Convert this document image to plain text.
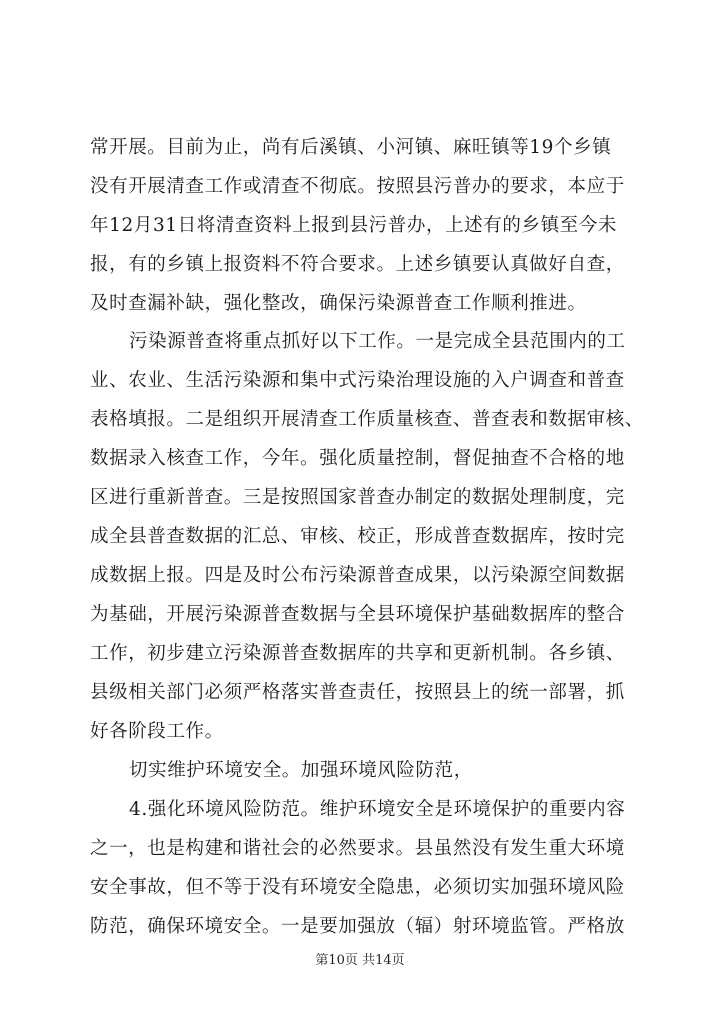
常开展。目前为止，尚有后溪镇、小河镇、麻旺镇等19个乡镇
没有开展清查工作或清查不彻底。按照县污普办的要求，本应于
年12月31日将清查资料上报到县污普办，上述有的乡镇至今未
报，有的乡镇上报资料不符合要求。上述乡镇要认真做好自查，
及时查漏补缺，强化整改，确保污染源普查工作顺利推进。
污染源普查将重点抓好以下工作。一是完成全县范围内的工
业、农业、生活污染源和集中式污染治理设施的入户调查和普查
表格填报。二是组织开展清查工作质量核查、普查表和数据审核、
数据录入核查工作，今年。强化质量控制，督促抽查不合格的地
区进行重新普查。三是按照国家普查办制定的数据处理制度，完
成全县普查数据的汇总、审核、校正，形成普查数据库，按时完
成数据上报。四是及时公布污染源普查成果，以污染源空间数据
为基础，开展污染源普查数据与全县环境保护基础数据库的整合
工作，初步建立污染源普查数据库的共享和更新机制。各乡镇、
县级相关部门必须严格落实普查责任，按照县上的统一部署，抓
好各阶段工作。
切实维护环境安全。加强环境风险防范，
4.强化环境风险防范。维护环境安全是环境保护的重要内容
之一，也是构建和谐社会的必然要求。县虽然没有发生重大环境
安全事故，但不等于没有环境安全隐患，必须切实加强环境风险
防范，确保环境安全。一是要加强放（辐）射环境监管。严格放
第10页 共14页
